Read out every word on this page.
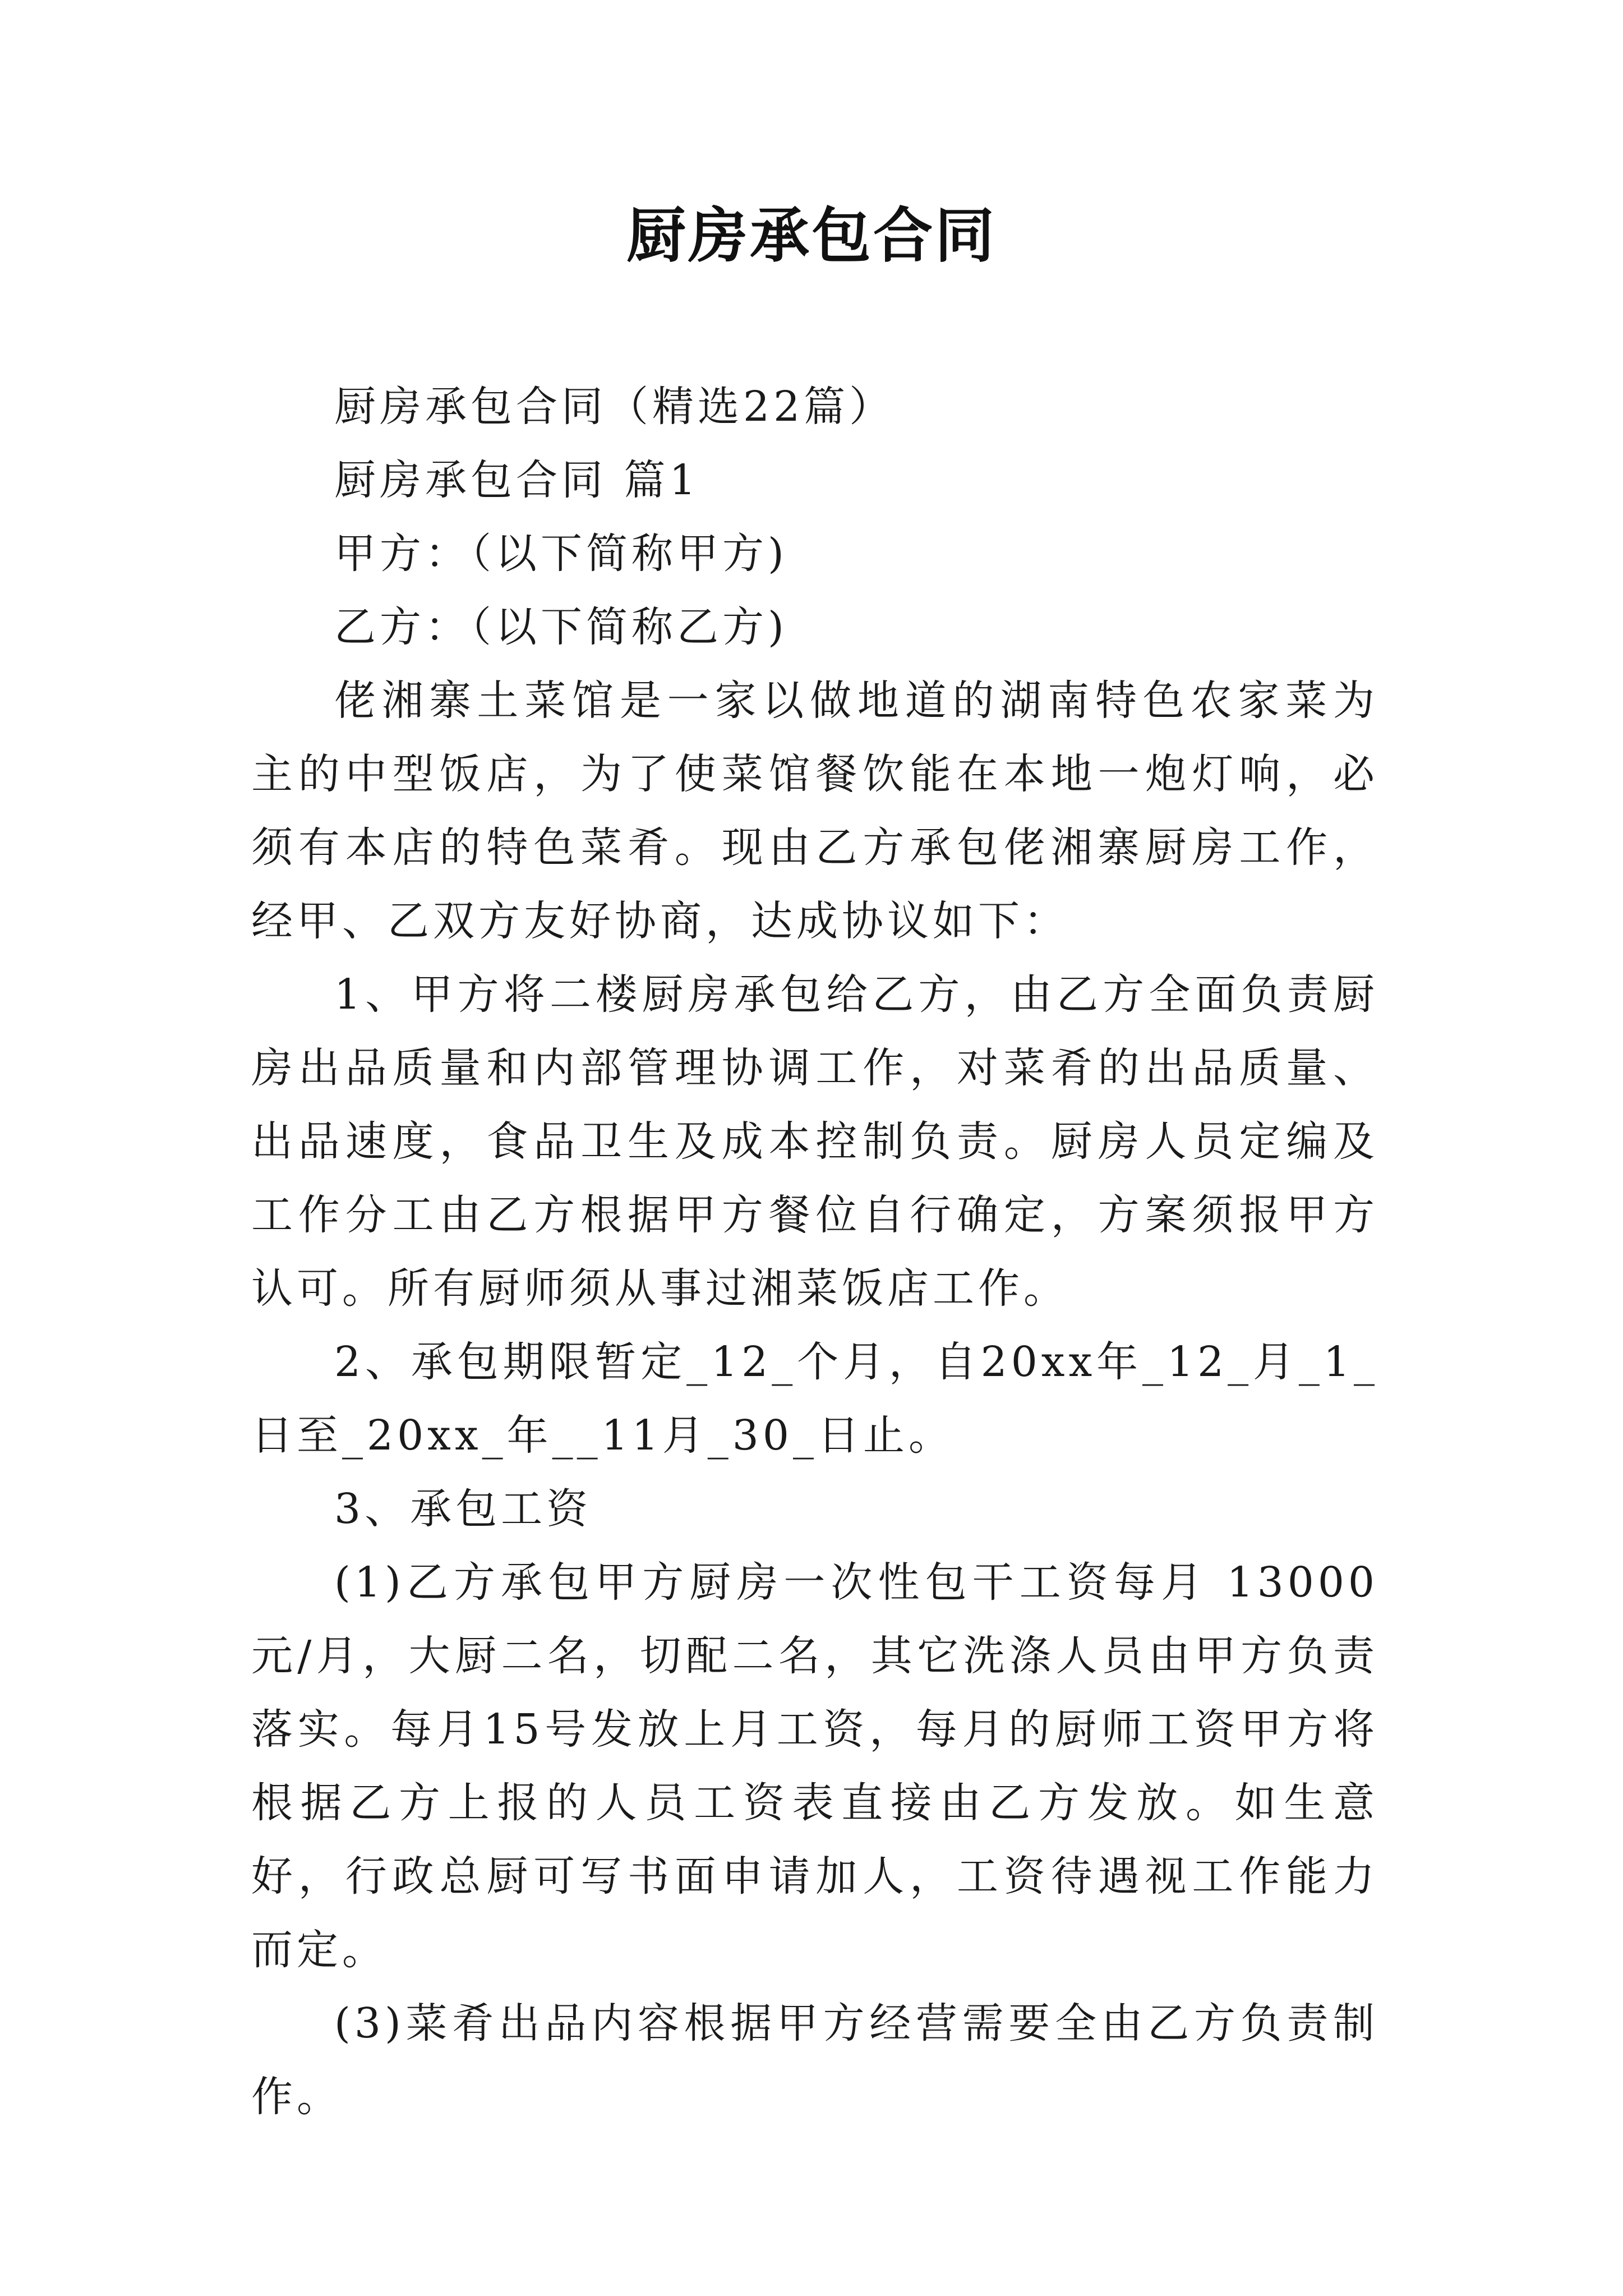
厨房承包合同

厨房承包合同（精选22篇）

厨房承包合同 篇1

甲方：（以下简称甲方)

乙方：（以下简称乙方)

佬湘寨土菜馆是一家以做地道的湖南特色农家菜为主的中型饭店，为了使菜馆餐饮能在本地一炮灯响，必须有本店的特色菜肴。现由乙方承包佬湘寨厨房工作，经甲、乙双方友好协商，达成协议如下：

1、甲方将二楼厨房承包给乙方，由乙方全面负责厨房出品质量和内部管理协调工作，对菜肴的出品质量、出品速度，食品卫生及成本控制负责。厨房人员定编及工作分工由乙方根据甲方餐位自行确定，方案须报甲方认可。所有厨师须从事过湘菜饭店工作。

2、承包期限暂定_12_个月，自20xx年_12_月_1_日至_20xx_年__11月_30_日止。

3、承包工资

(1)乙方承包甲方厨房一次性包干工资每月 13000元/月，大厨二名，切配二名，其它洗涤人员由甲方负责落实。每月15号发放上月工资，每月的厨师工资甲方将根据乙方上报的人员工资表直接由乙方发放。如生意好，行政总厨可写书面申请加人，工资待遇视工作能力而定。

(3)菜肴出品内容根据甲方经营需要全由乙方负责制作。
